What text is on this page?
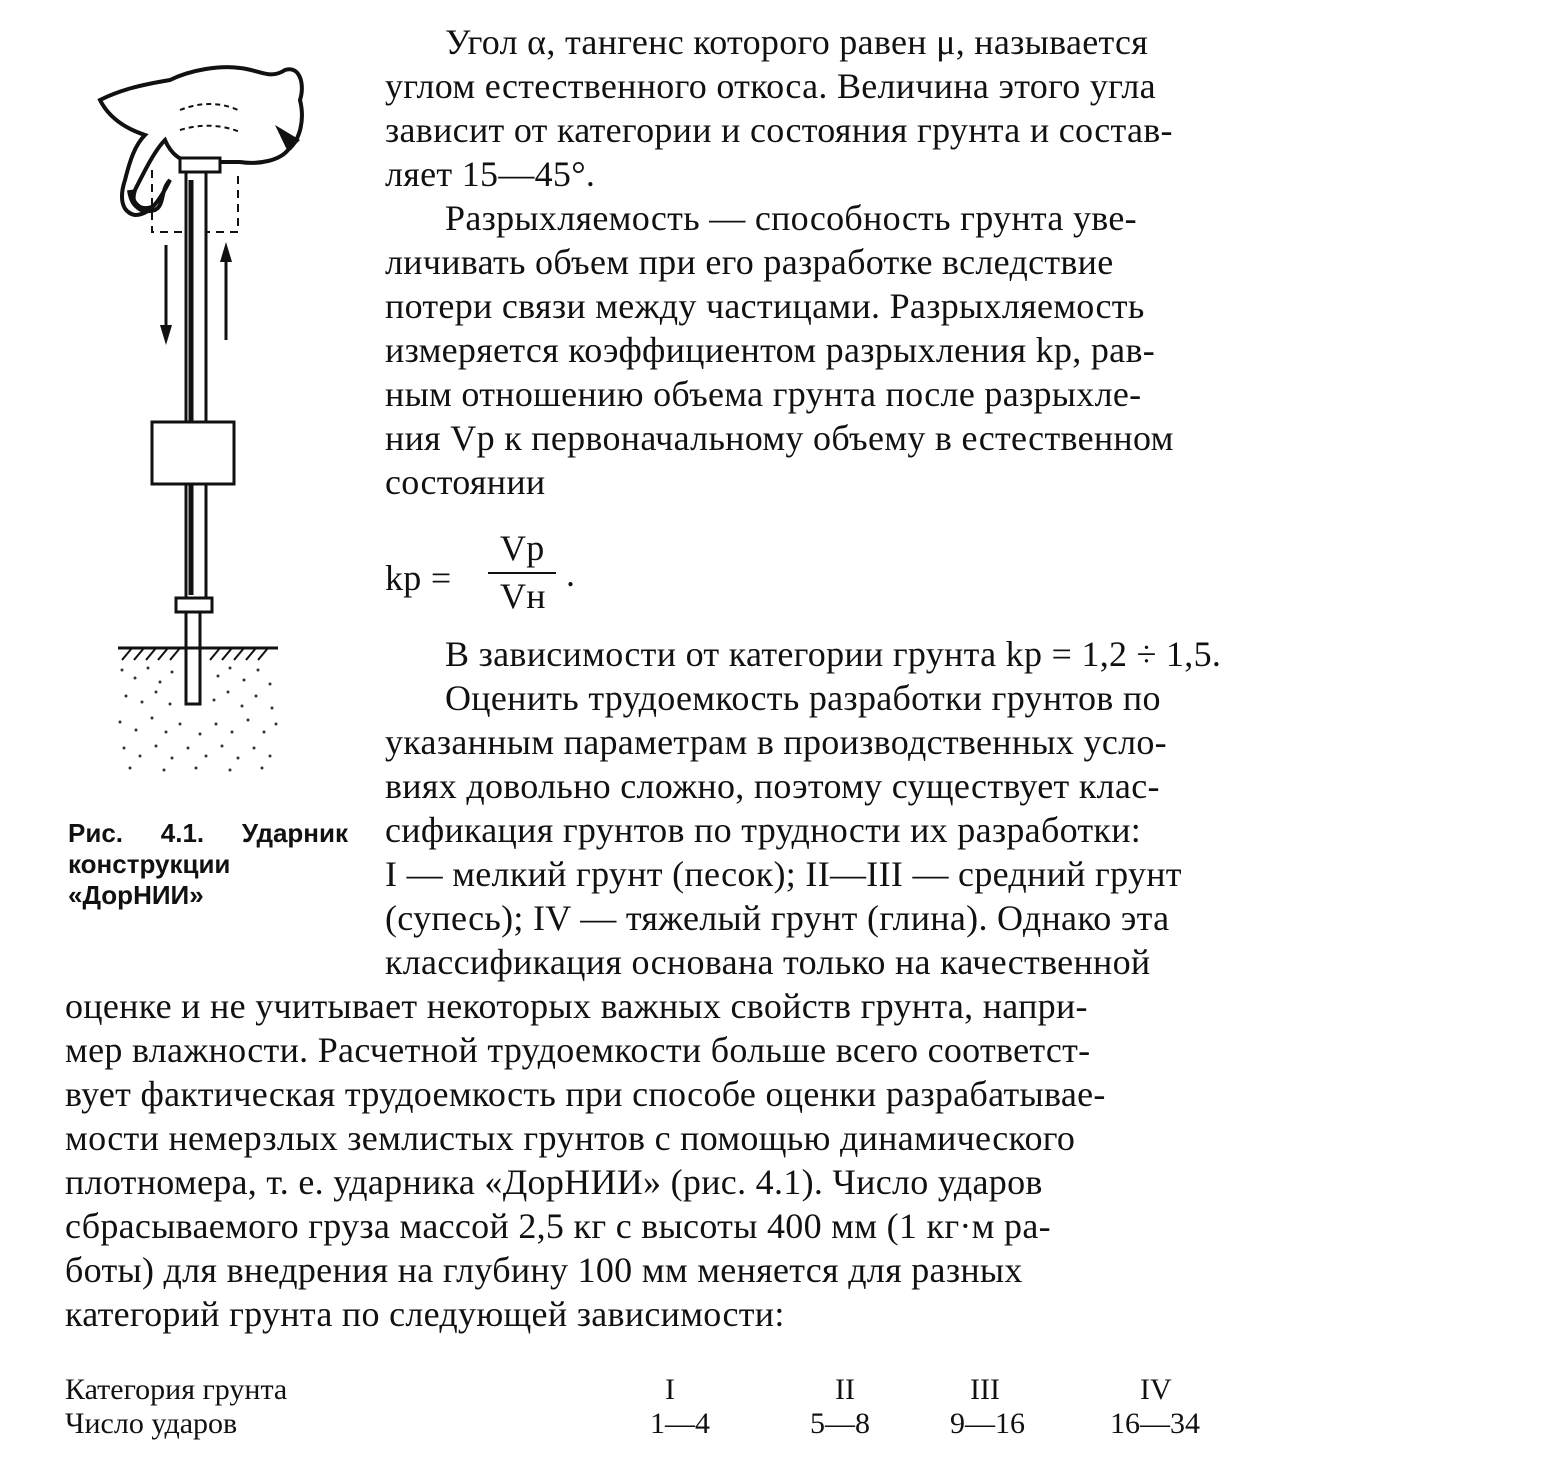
Рис. 4.1. Ударник конструкции «ДорНИИ»
Угол α, тангенс которого равен μ, называется
углом естественного откоса. Величина этого угла
зависит от категории и состояния грунта и состав-
ляет 15—45°.
Разрыхляемость — способность грунта уве-
личивать объем при его разработке вследствие
потери связи между частицами. Разрыхляемость
измеряется коэффициентом разрыхления kр, рав-
ным отношению объема грунта после разрыхле-
ния Vр к первоначальному объему в естественном
состоянии
kр =
Vр
Vн
.
В зависимости от категории грунта kр = 1,2 ÷ 1,5.
Оценить трудоемкость разработки грунтов по
указанным параметрам в производственных усло-
виях довольно сложно, поэтому существует клас-
сификация грунтов по трудности их разработки:
I — мелкий грунт (песок); II—III — средний грунт
(супесь); IV — тяжелый грунт (глина). Однако эта
классификация основана только на качественной
оценке и не учитывает некоторых важных свойств грунта, напри-
мер влажности. Расчетной трудоемкости больше всего соответст-
вует фактическая трудоемкость при способе оценки разрабатывае-
мости немерзлых землистых грунтов с помощью динамического
плотномера, т. е. ударника «ДорНИИ» (рис. 4.1). Число ударов
сбрасываемого груза массой 2,5 кг с высоты 400 мм (1 кг·м ра-
боты) для внедрения на глубину 100 мм меняется для разных
категорий грунта по следующей зависимости:
Категория грунта	I	II	III	IV
Число ударов	1—4	5—8	9—16	16—34
